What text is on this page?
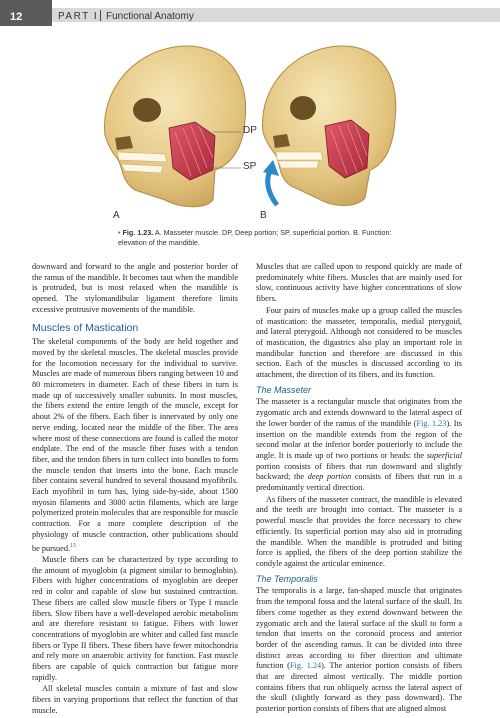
12	PART I Functional Anatomy
DP
SP
A	B
• Fig. 1.23. A. Masseter muscle. DP, Deep portion; SP, superficial portion. B. Function: elevation of the mandible.

downward and forward to the angle and posterior border of the ramus of the mandible. It becomes taut when the mandible is protruded, but is most relaxed when the mandible is opened. The stylomandibular ligament therefore limits excessive protrusive movements of the mandible.

Muscles of Mastication

The skeletal components of the body are held together and moved by the skeletal muscles. The skeletal muscles provide for the locomotion necessary for the individual to survive. Muscles are made of numerous fibers ranging between 10 and 80 micrometers in diameter. Each of these fibers in turn is made up of successively smaller subunits. In most muscles, the fibers extend the entire length of the muscle, except for about 2% of the fibers. Each fiber is innervated by only one nerve ending, located near the middle of the fiber. The area where most of these connections are found is called the motor endplate. The end of the muscle fiber fuses with a tendon fiber, and the tendon fibers in turn collect into bundles to form the muscle tendon that inserts into the bone. Each muscle fiber contains several hundred to several thousand myofibrils. Each myofibril in turn has, lying side-by-side, about 1500 myosin filaments and 3000 actin filaments, which are large polymerized protein molecules that are responsible for muscle contraction. For a more complete description of the physiology of muscle contraction, other publications should be pursued.$^{15}$

Muscle fibers can be characterized by type according to the amount of myoglobin (a pigment similar to hemoglobin). Fibers with higher concentrations of myoglobin are deeper red in color and capable of slow but sustained contraction. These fibers are called slow muscle fibers or Type I muscle fibers. Slow fibers have a well-developed aerobic metabolism and are therefore resistant to fatigue. Fibers with lower concentrations of myoglobin are whiter and called fast muscle fibers or Type II fibers. These fibers have fewer mitochondria and rely more on anaerobic activity for function. Fast muscle fibers are capable of quick contraction but fatigue more rapidly.

All skeletal muscles contain a mixture of fast and slow fibers in varying proportions that reflect the function of that muscle.

Muscles that are called upon to respond quickly are made of predominately white fibers. Muscles that are mainly used for slow, continuous activity have higher concentrations of slow fibers.

Four pairs of muscles make up a group called the muscles of mastication: the masseter, temporalis, medial pterygoid, and lateral pterygoid. Although not considered to be muscles of mastication, the digastrics also play an important role in mandibular function and therefore are discussed in this section. Each of the muscles is discussed according to its attachment, the direction of its fibers, and its function.

The Masseter

The masseter is a rectangular muscle that originates from the zygomatic arch and extends downward to the lateral aspect of the lower border of the ramus of the mandible (Fig. 1.23). Its insertion on the mandible extends from the region of the second molar at the inferior border posteriorly to include the angle. It is made up of two portions or heads: the superficial portion consists of fibers that run downward and slightly backward; the deep portion consists of fibers that run in a predominantly vertical direction.

As fibers of the masseter contract, the mandible is elevated and the teeth are brought into contact. The masseter is a powerful muscle that provides the force necessary to chew efficiently. Its superficial portion may also aid in protruding the mandible. When the mandible is protruded and biting force is applied, the fibers of the deep portion stabilize the condyle against the articular eminence.

The Temporalis

The temporalis is a large, fan-shaped muscle that originates from the temporal fossa and the lateral surface of the skull. Its fibers come together as they extend downward between the zygomatic arch and the lateral surface of the skull to form a tendon that inserts on the coronoid process and anterior border of the ascending ramus. It can be divided into three distinct areas according to fiber direction and ultimate function (Fig. 1.24). The anterior portion consists of fibers that are directed almost vertically. The middle portion contains fibers that run obliquely across the lateral aspect of the skull (slightly forward as they pass downward). The posterior portion consists of fibers that are aligned almost
